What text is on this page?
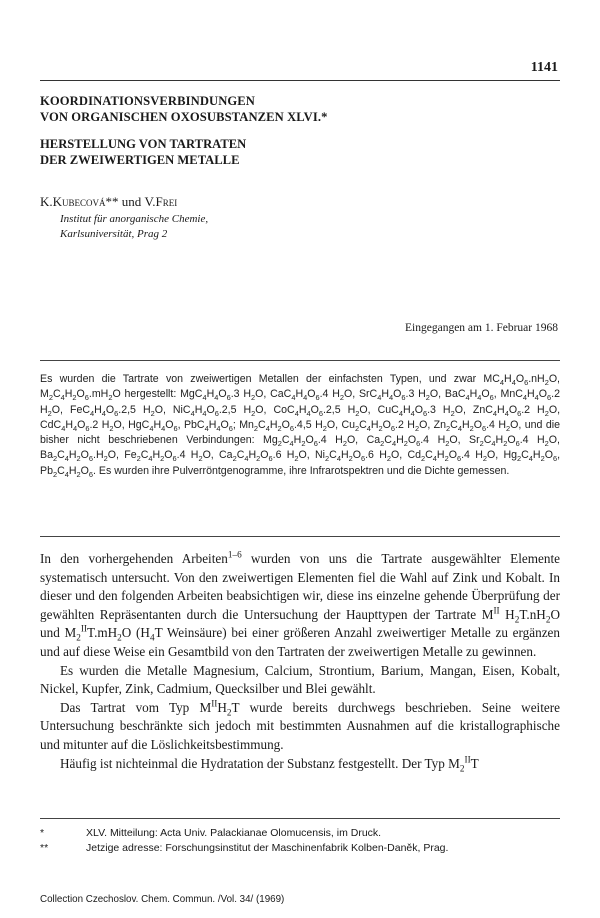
1141
KOORDINATIONSVERBINDUNGEN
VON ORGANISCHEN OXOSUBSTANZEN XLVI.*
HERSTELLUNG VON TARTRATEN
DER ZWEIWERTIGEN METALLE
K.Kubecová** und V.Frei
Institut für anorganische Chemie,
Karlsuniversität, Prag 2
Eingegangen am 1. Februar 1968

Es wurden die Tartrate von zweiwertigen Metallen der einfachsten Typen, und zwar $MC_4H_4O_6.​nH_2O$, $M_2C_4H_2O_6.mH_2O$ hergestellt: $MgC_4H_4O_6.3$ $H_2O$, $CaC_4H_4O_6.4$ $H_2O$, $SrC_4H_4O_6.3$ $H_2O$, $BaC_4H_4O_6$, $MnC_4H_4O_6.2$ $H_2O$, $FeC_4H_4O_6.2,5$ $H_2O$, $NiC_4H_4O_6.2,5$ $H_2O$, $CoC_4H_4O_6.2,5$ $H_2O$, $CuC_4H_4O_6.3$ $H_2O$, $ZnC_4H_4O_6.2$ $H_2O$, $CdC_4H_4O_6.2$ $H_2O$, $HgC_4H_4O_6$, $PbC_4H_4O_6$; $Mn_2C_4H_2O_6.4,5$ $H_2O$, $Cu_2C_4H_2O_6.2$ $H_2O$, $Zn_2C_4H_2O_6.4$ $H_2O$, und die bisher nicht beschriebenen Verbindungen: $Mg_2C_4H_2O_6.4$ $H_2O$, $Ca_2C_4H_2O_6.4$ $H_2O$, $Sr_2C_4H_2O_6.4$ $H_2O$, $Ba_2C_4H_2O_6.H_2O$, $Fe_2C_4H_2O_6.4$ $H_2O$, $Ca_2C_4H_2O_6.6$ $H_2O$, $Ni_2C_4H_2O_6.6$ $H_2O$, $Cd_2C_4H_2O_6.4$ $H_2O$, $Hg_2C_4H_2O_6$, $Pb_2C_4H_2O_6$. Es wurden ihre Pulverröntgenogramme, ihre Infrarotspektren und die Dichte gemessen.

In den vorhergehenden Arbeiten$^{1-6}$ wurden von uns die Tartrate ausgewählter Elemente systematisch untersucht. Von den zweiwertigen Elementen fiel die Wahl auf Zink und Kobalt. In dieser und den folgenden Arbeiten beabsichtigen wir, diese ins einzelne gehende Überprüfung der gewählten Repräsentanten durch die Untersuchung der Haupttypen der Tartrate $M^{II}$ $H_2T.nH_2O$ und $M_2^{II}T.mH_2O$ ($H_4T$ Weinsäure) bei einer größeren Anzahl zweiwertiger Metalle zu ergänzen und auf diese Weise ein Gesamtbild von den Tartraten der zweiwertigen Metalle zu gewinnen.

Es wurden die Metalle Magnesium, Calcium, Strontium, Barium, Mangan, Eisen, Kobalt, Nickel, Kupfer, Zink, Cadmium, Quecksilber und Blei gewählt.

Das Tartrat vom Typ $M^{II}H_2T$ wurde bereits durchwegs beschrieben. Seine weitere Untersuchung beschränkte sich jedoch mit bestimmten Ausnahmen auf die kristallographische und mitunter auf die Löslichkeitsbestimmung.

Häufig ist nichteinmal die Hydratation der Substanz festgestellt. Der Typ $M_2^{II}T$

*	XLV. Mitteilung: Acta Univ. Palackianae Olomucensis, im Druck.
**	Jetzige adresse: Forschungsinstitut der Maschinenfabrik Kolben-Daněk, Prag.
Collection Czechoslov. Chem. Commun. /Vol. 34/ (1969)
